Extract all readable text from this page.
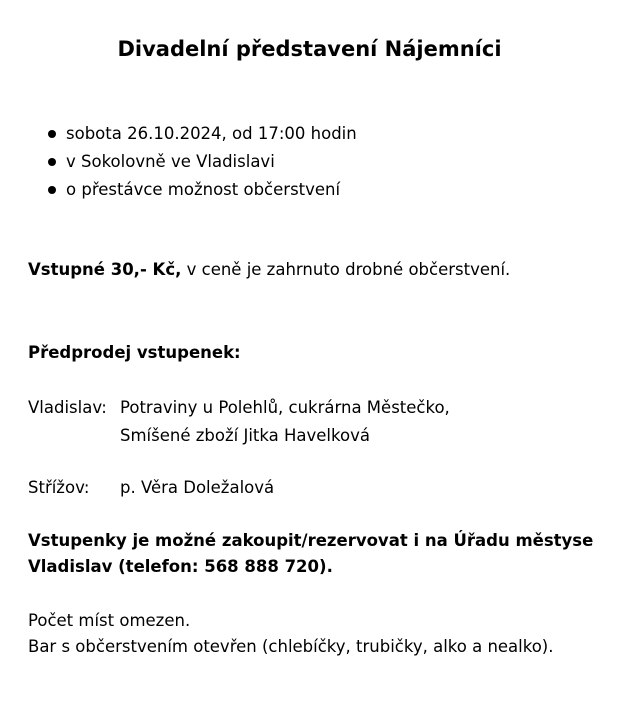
Divadelní představení Nájemníci
sobota 26.10.2024, od 17:00 hodin
v Sokolovně ve Vladislavi
o přestávce možnost občerstvení
Vstupné 30,- Kč, v ceně je zahrnuto drobné občerstvení.
Předprodej vstupenek:
Vladislav: Potraviny u Polehlů, cukrárna Městečko,
Smíšené zboží Jitka Havelková
Střížov: p. Věra Doležalová
Vstupenky je možné zakoupit/rezervovat i na Úřadu městyse
Vladislav (telefon: 568 888 720).
Počet míst omezen.
Bar s občerstvením otevřen (chlebíčky, trubičky, alko a nealko).
